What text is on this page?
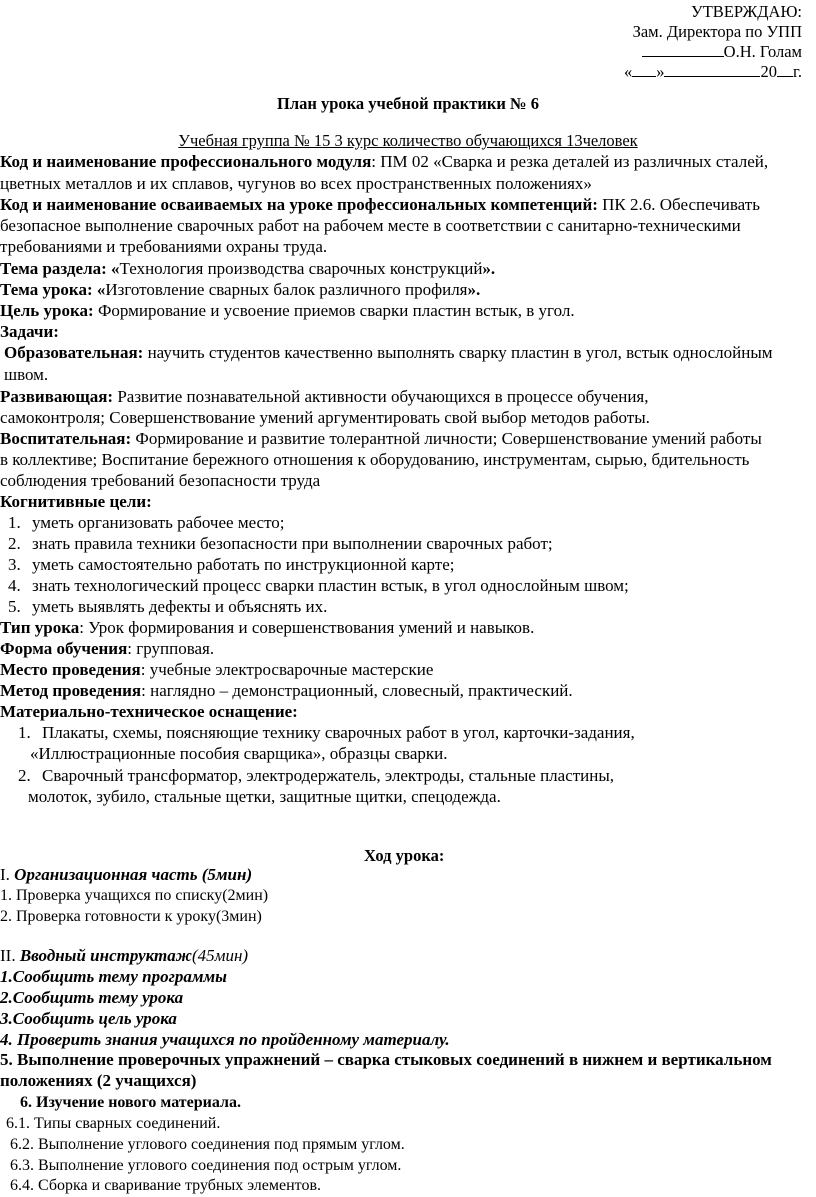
УТВЕРЖДАЮ:
Зам. Директора по УПП
О.Н. Голам
« »	20 г.
План урока учебной практики № 6
Учебная группа № 15 3 курс количество обучающихся 13человек
Код и наименование профессионального модуля: ПМ 02 «Сварка и резка деталей из различных сталей,
цветных металлов и их сплавов, чугунов во всех пространственных положениях»
Код и наименование осваиваемых на уроке профессиональных компетенций: ПК 2.6. Обеспечивать
безопасное выполнение сварочных работ на рабочем месте в соответствии с санитарно-техническими
требованиями и требованиями охраны труда.
Тема раздела: «Технология производства сварочных конструкций».
Тема урока: «Изготовление сварных балок различного профиля».
Цель урока: Формирование и усвоение приемов сварки пластин встык, в угол.
Задачи:
Образовательная: научить студентов качественно выполнять сварку пластин в угол, встык однослойным
швом.
Развивающая: Развитие познавательной активности обучающихся в процессе обучения,
самоконтроля; Совершенствование умений аргументировать свой выбор методов работы.
Воспитательная: Формирование и развитие толерантной личности; Совершенствование умений работы
в коллективе; Воспитание бережного отношения к оборудованию, инструментам, сырью, бдительность
соблюдения требований безопасности труда
Когнитивные цели:
1. уметь организовать рабочее место;
2. знать правила техники безопасности при выполнении сварочных работ;
3. уметь самостоятельно работать по инструкционной карте;
4. знать технологический процесс сварки пластин встык, в угол однослойным швом;
5. уметь выявлять дефекты и объяснять их.
Тип урока: Урок формирования и совершенствования умений и навыков.
Форма обучения: групповая.
Место проведения: учебные электросварочные мастерские
Метод проведения: наглядно – демонстрационный, словесный, практический.
Материально-техническое оснащение:
1. Плакаты, схемы, поясняющие технику сварочных работ в угол, карточки-задания,
«Иллюстрационные пособия сварщика», образцы сварки.
2. Сварочный трансформатор, электродержатель, электроды, стальные пластины,
молоток, зубило, стальные щетки, защитные щитки, спецодежда.
Ход урока:
I. Организационная часть (5мин)
1. Проверка учащихся по списку(2мин)
2. Проверка готовности к уроку(3мин)
II. Вводный инструктаж(45мин)
1.Сообщить тему программы
2.Сообщить тему урока
3.Сообщить цель урока
4. Проверить знания учащихся по пройденному материалу.
5. Выполнение проверочных упражнений – сварка стыковых соединений в нижнем и вертикальном
положениях (2 учащихся)
6. Изучение нового материала.
6.1. Типы сварных соединений.
6.2. Выполнение углового соединения под прямым углом.
6.3. Выполнение углового соединения под острым углом.
6.4. Сборка и сваривание трубных элементов.
